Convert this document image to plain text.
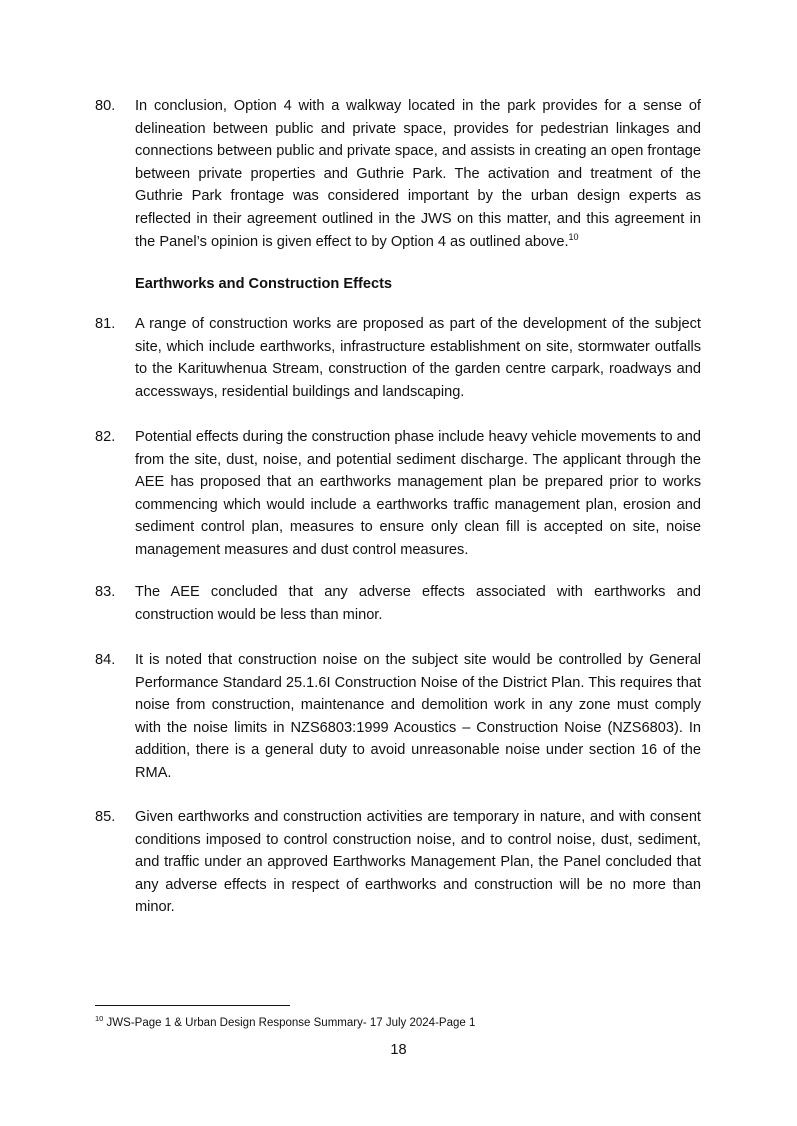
80.	In conclusion, Option 4 with a walkway located in the park provides for a sense of delineation between public and private space, provides for pedestrian linkages and connections between public and private space, and assists in creating an open frontage between private properties and Guthrie Park. The activation and treatment of the Guthrie Park frontage was considered important by the urban design experts as reflected in their agreement outlined in the JWS on this matter, and this agreement in the Panel’s opinion is given effect to by Option 4 as outlined above.$^{10}$
Earthworks and Construction Effects
81.	A range of construction works are proposed as part of the development of the subject site, which include earthworks, infrastructure establishment on site, stormwater outfalls to the Karituwhenua Stream, construction of the garden centre carpark, roadways and accessways, residential buildings and landscaping.
82.	Potential effects during the construction phase include heavy vehicle movements to and from the site, dust, noise, and potential sediment discharge. The applicant through the AEE has proposed that an earthworks management plan be prepared prior to works commencing which would include a earthworks traffic management plan, erosion and sediment control plan, measures to ensure only clean fill is accepted on site, noise management measures and dust control measures.
83.	The AEE concluded that any adverse effects associated with earthworks and construction would be less than minor.
84.	It is noted that construction noise on the subject site would be controlled by General Performance Standard 25.1.6I Construction Noise of the District Plan. This requires that noise from construction, maintenance and demolition work in any zone must comply with the noise limits in NZS6803:1999 Acoustics – Construction Noise (NZS6803). In addition, there is a general duty to avoid unreasonable noise under section 16 of the RMA.
85.	Given earthworks and construction activities are temporary in nature, and with consent conditions imposed to control construction noise, and to control noise, dust, sediment, and traffic under an approved Earthworks Management Plan, the Panel concluded that any adverse effects in respect of earthworks and construction will be no more than minor.
$^{10}$ JWS-Page 1 & Urban Design Response Summary- 17 July 2024-Page 1
18
